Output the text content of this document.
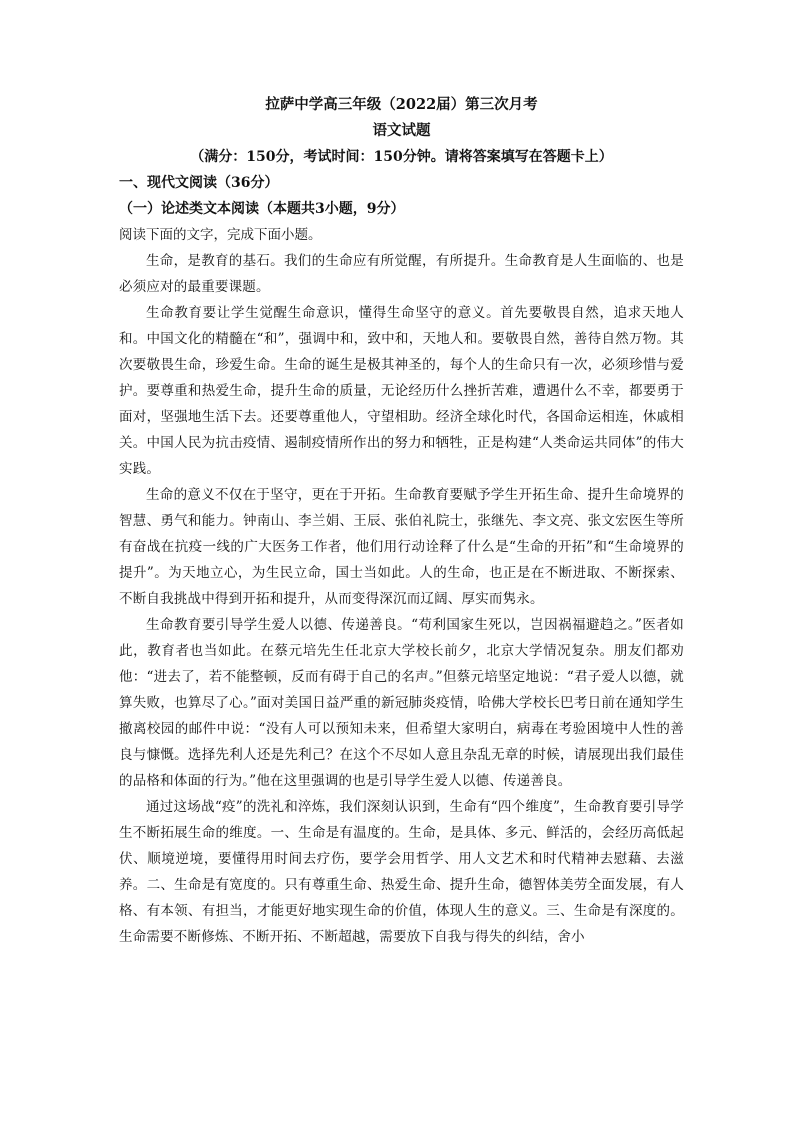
拉萨中学高三年级（2022届）第三次月考

语文试题

（满分：150分，考试时间：150分钟。请将答案填写在答题卡上）

一、现代文阅读（36分）

（一）论述类文本阅读（本题共3小题，9分）

阅读下面的文字，完成下面小题。

生命，是教育的基石。我们的生命应有所觉醒，有所提升。生命教育是人生面临的、也是必须应对的最重要课题。

生命教育要让学生觉醒生命意识，懂得生命坚守的意义。首先要敬畏自然，追求天地人和。中国文化的精髓在“和”，强调中和，致中和，天地人和。要敬畏自然，善待自然万物。其次要敬畏生命，珍爱生命。生命的诞生是极其神圣的，每个人的生命只有一次，必须珍惜与爱护。要尊重和热爱生命，提升生命的质量，无论经历什么挫折苦难，遭遇什么不幸，都要勇于面对，坚强地生活下去。还要尊重他人，守望相助。经济全球化时代，各国命运相连，休戚相关。中国人民为抗击疫情、遏制疫情所作出的努力和牺牲，正是构建“人类命运共同体”的伟大实践。

生命的意义不仅在于坚守，更在于开拓。生命教育要赋予学生开拓生命、提升生命境界的智慧、勇气和能力。钟南山、李兰娟、王辰、张伯礼院士，张继先、李文亮、张文宏医生等所有奋战在抗疫一线的广大医务工作者，他们用行动诠释了什么是“生命的开拓”和“生命境界的提升”。为天地立心，为生民立命，国士当如此。人的生命，也正是在不断进取、不断探索、不断自我挑战中得到开拓和提升，从而变得深沉而辽阔、厚实而隽永。

生命教育要引导学生爱人以德、传递善良。“苟利国家生死以，岂因祸福避趋之。”医者如此，教育者也当如此。在蔡元培先生任北京大学校长前夕，北京大学情况复杂。朋友们都劝他：“进去了，若不能整顿，反而有碍于自己的名声。”但蔡元培坚定地说：“君子爱人以德，就算失败，也算尽了心。”面对美国日益严重的新冠肺炎疫情，哈佛大学校长巴考日前在通知学生撤离校园的邮件中说：“没有人可以预知未来，但希望大家明白，病毒在考验困境中人性的善良与慷慨。选择先利人还是先利己？在这个不尽如人意且杂乱无章的时候，请展现出我们最佳的品格和体面的行为。”他在这里强调的也是引导学生爱人以德、传递善良。

通过这场战“疫”的洗礼和淬炼，我们深刻认识到，生命有“四个维度”，生命教育要引导学生不断拓展生命的维度。一、生命是有温度的。生命，是具体、多元、鲜活的，会经历高低起伏、顺境逆境，要懂得用时间去疗伤，要学会用哲学、用人文艺术和时代精神去慰藉、去滋养。二、生命是有宽度的。只有尊重生命、热爱生命、提升生命，德智体美劳全面发展，有人格、有本领、有担当，才能更好地实现生命的价值，体现人生的意义。三、生命是有深度的。生命需要不断修炼、不断开拓、不断超越，需要放下自我与得失的纠结，舍小
